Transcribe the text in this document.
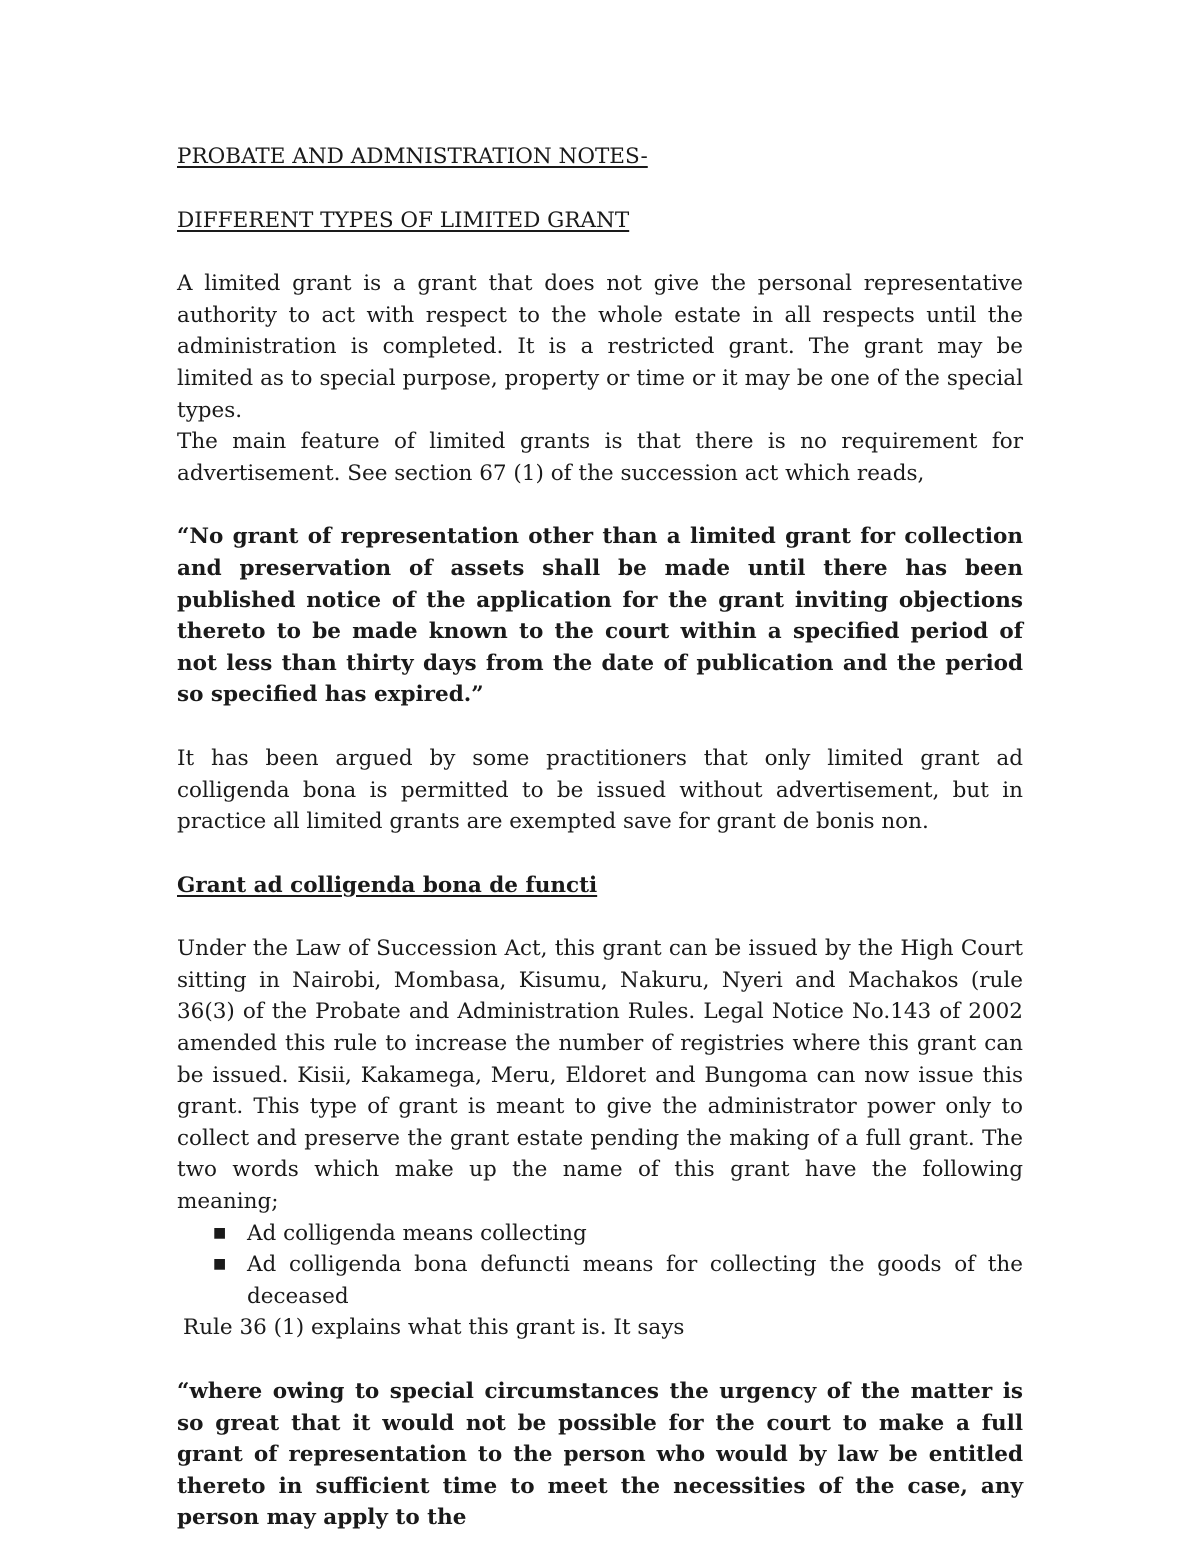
PROBATE AND ADMNISTRATION NOTES-

DIFFERENT TYPES OF LIMITED GRANT

A limited grant is a grant that does not give the personal representative authority to act with respect to the whole estate in all respects until the administration is completed. It is a restricted grant. The grant may be limited as to special purpose, property or time or it may be one of the special types.

The main feature of limited grants is that there is no requirement for advertisement. See section 67 (1) of the succession act which reads,

“No grant of representation other than a limited grant for collection and preservation of assets shall be made until there has been published notice of the application for the grant inviting objections thereto to be made known to the court within a specified period of not less than thirty days from the date of publication and the period so specified has expired.”

It has been argued by some practitioners that only limited grant ad colligenda bona is permitted to be issued without advertisement, but in practice all limited grants are exempted save for grant de bonis non.

Grant ad colligenda bona de functi

Under the Law of Succession Act, this grant can be issued by the High Court sitting in Nairobi, Mombasa, Kisumu, Nakuru, Nyeri and Machakos (rule 36(3) of the Probate and Administration Rules. Legal Notice No.143 of 2002 amended this rule to increase the number of registries where this grant can be issued. Kisii, Kakamega, Meru, Eldoret and Bungoma can now issue this grant. This type of grant is meant to give the administrator power only to collect and preserve the grant estate pending the making of a full grant. The two words which make up the name of this grant have the following meaning;

■ Ad colligenda means collecting
■ Ad colligenda bona defuncti means for collecting the goods of the deceased

Rule 36 (1) explains what this grant is. It says

“where owing to special circumstances the urgency of the matter is so great that it would not be possible for the court to make a full grant of representation to the person who would by law be entitled thereto in sufficient time to meet the necessities of the case, any person may apply to the
